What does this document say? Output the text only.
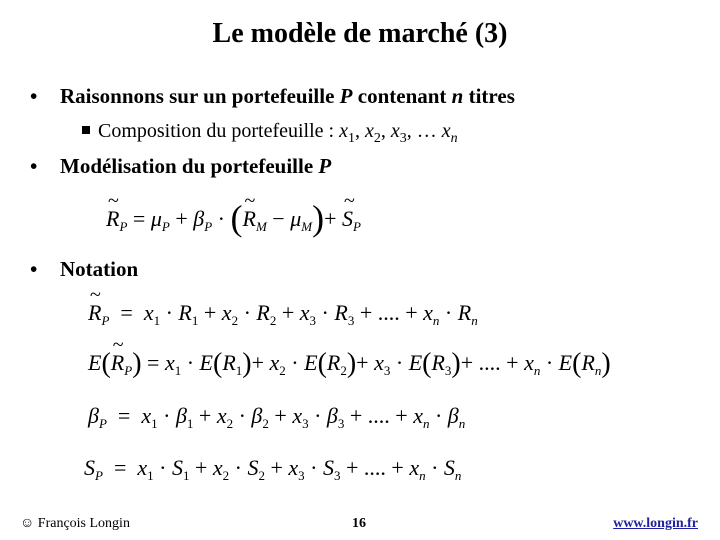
Le modèle de marché (3)
• Raisonnons sur un portefeuille P contenant n titres
Composition du portefeuille : $x_1$, $x_2$, $x_3$, … $x_n$
• Modélisation du portefeuille P
~ $R_P = \mu_P + \beta_P$ · (~ $R_M - \mu_M)+$ ~ $S_P$
• Notation
~ $R_P = x_1 \cdot R_1 + x_2 \cdot R_2 + x_3 \cdot R_3$ + .... + $x_n \cdot R_n$
E(~ $R_P) = x_1 \cdot E(R_1)+ x_2 \cdot E(R_2)+ x_3 \cdot E(R_3)+$ .... + $x_n \cdot E(R_n)$
$\beta_P = x_1 \cdot \beta_1 + x_2 \cdot \beta_2 + x_3 \cdot \beta_3$ + .... + $x_n \cdot \beta_n$
$S_P = x_1 \cdot S_1 + x_2 \cdot S_2 + x_3 \cdot S_3$ + .... + $x_n \cdot S_n$
☺ François Longin	16	www.longin.fr
